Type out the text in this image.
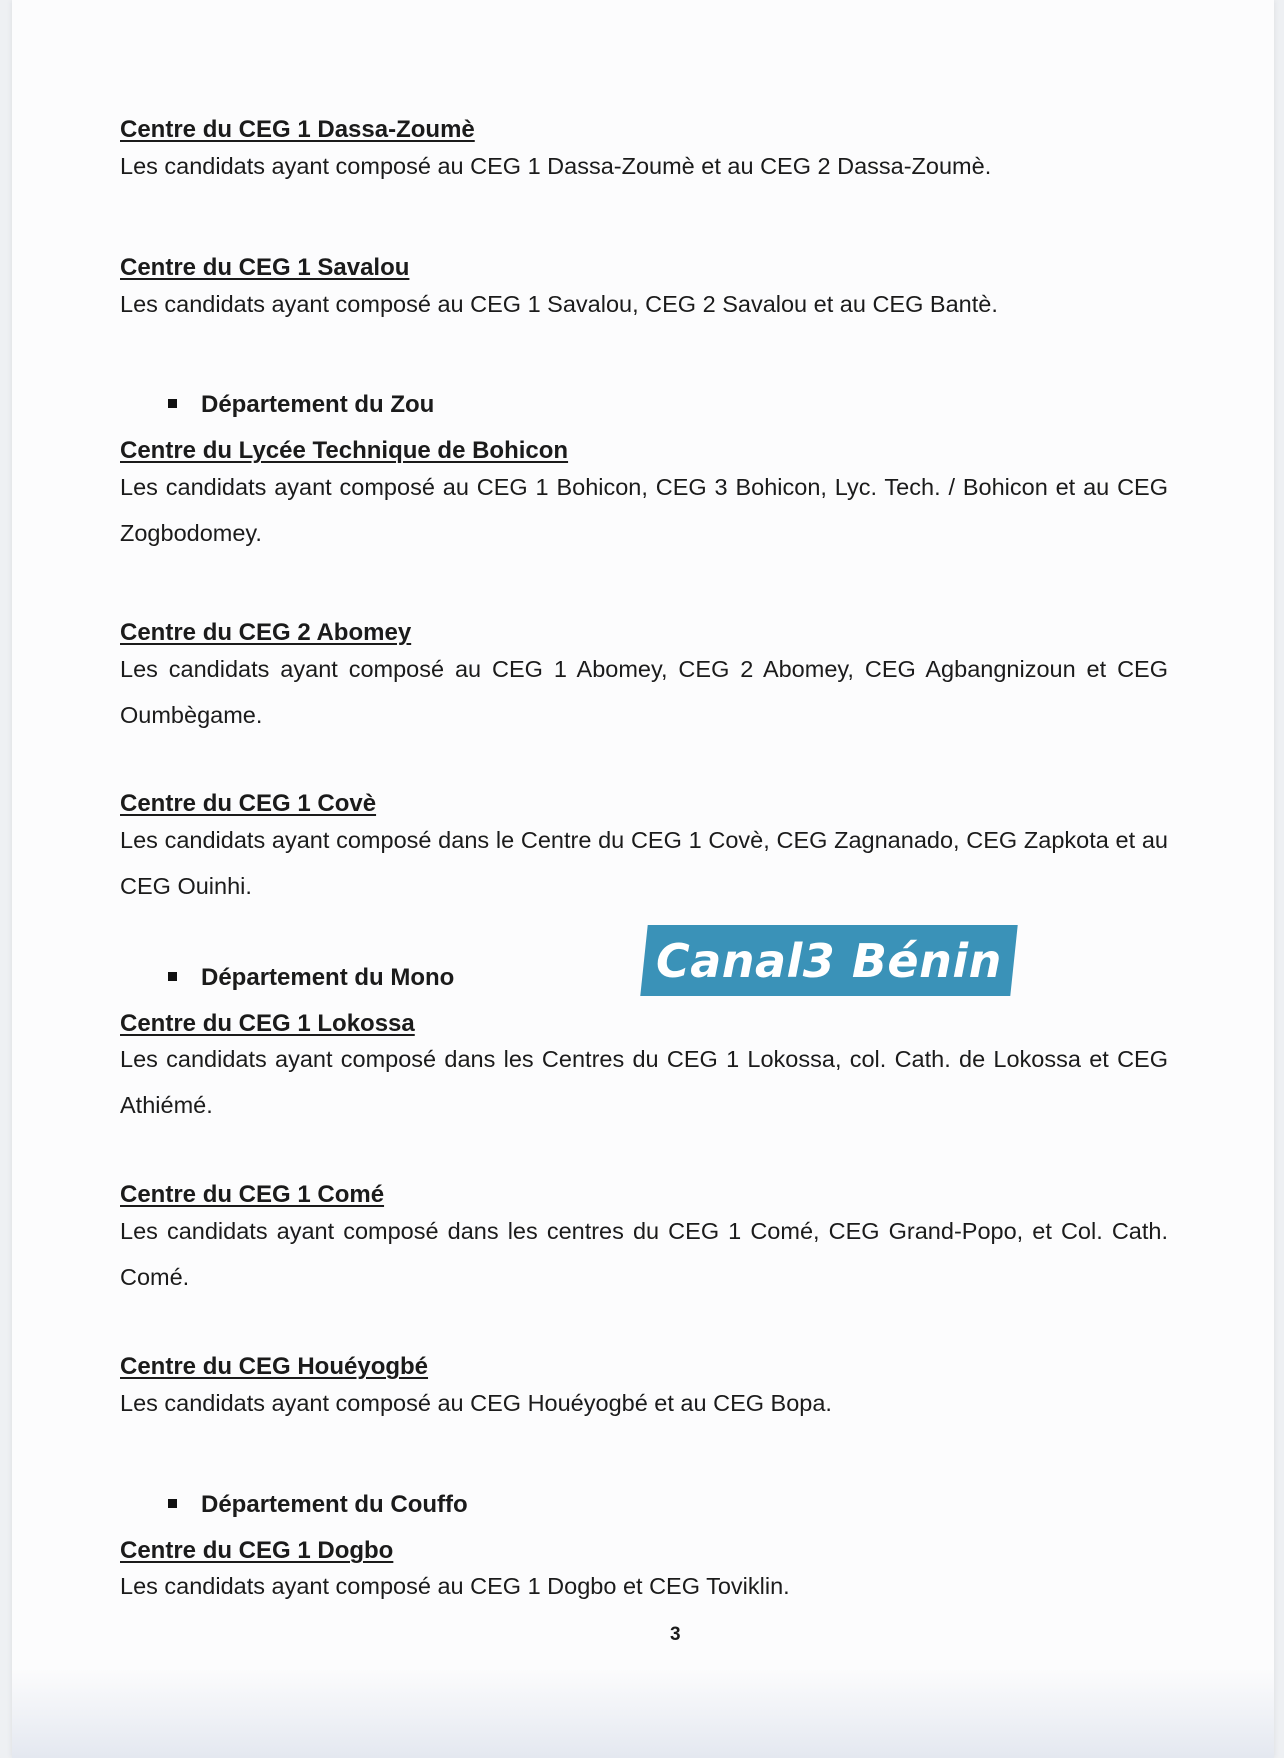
Centre du CEG 1 Dassa-Zoumè
Les candidats ayant composé au CEG 1 Dassa-Zoumè et au CEG 2 Dassa-Zoumè.
Centre du CEG 1 Savalou
Les candidats ayant composé au CEG 1 Savalou, CEG 2 Savalou et au CEG Bantè.
Département du Zou
Centre du Lycée Technique de Bohicon
Les candidats ayant composé au CEG 1 Bohicon, CEG 3 Bohicon, Lyc. Tech. / Bohicon et au CEG Zogbodomey.
Centre du CEG 2 Abomey
Les candidats ayant composé au CEG 1 Abomey, CEG 2 Abomey, CEG Agbangnizoun et CEG Oumbègame.
Centre du CEG 1 Covè
Les candidats ayant composé dans le Centre du CEG 1 Covè, CEG Zagnanado, CEG Zapkota et au CEG Ouinhi.
Département du Mono
Centre du CEG 1 Lokossa
Les candidats ayant composé dans les Centres du CEG 1 Lokossa, col. Cath. de Lokossa et CEG Athiémé.
Centre du CEG 1 Comé
Les candidats ayant composé dans les centres du CEG 1 Comé, CEG Grand-Popo, et Col. Cath. Comé.
Centre du CEG Houéyogbé
Les candidats ayant composé au CEG Houéyogbé et au CEG Bopa.
Département du Couffo
Centre du CEG 1 Dogbo
Les candidats ayant composé au CEG 1 Dogbo et CEG Toviklin.
Canal3 Bénin
3
